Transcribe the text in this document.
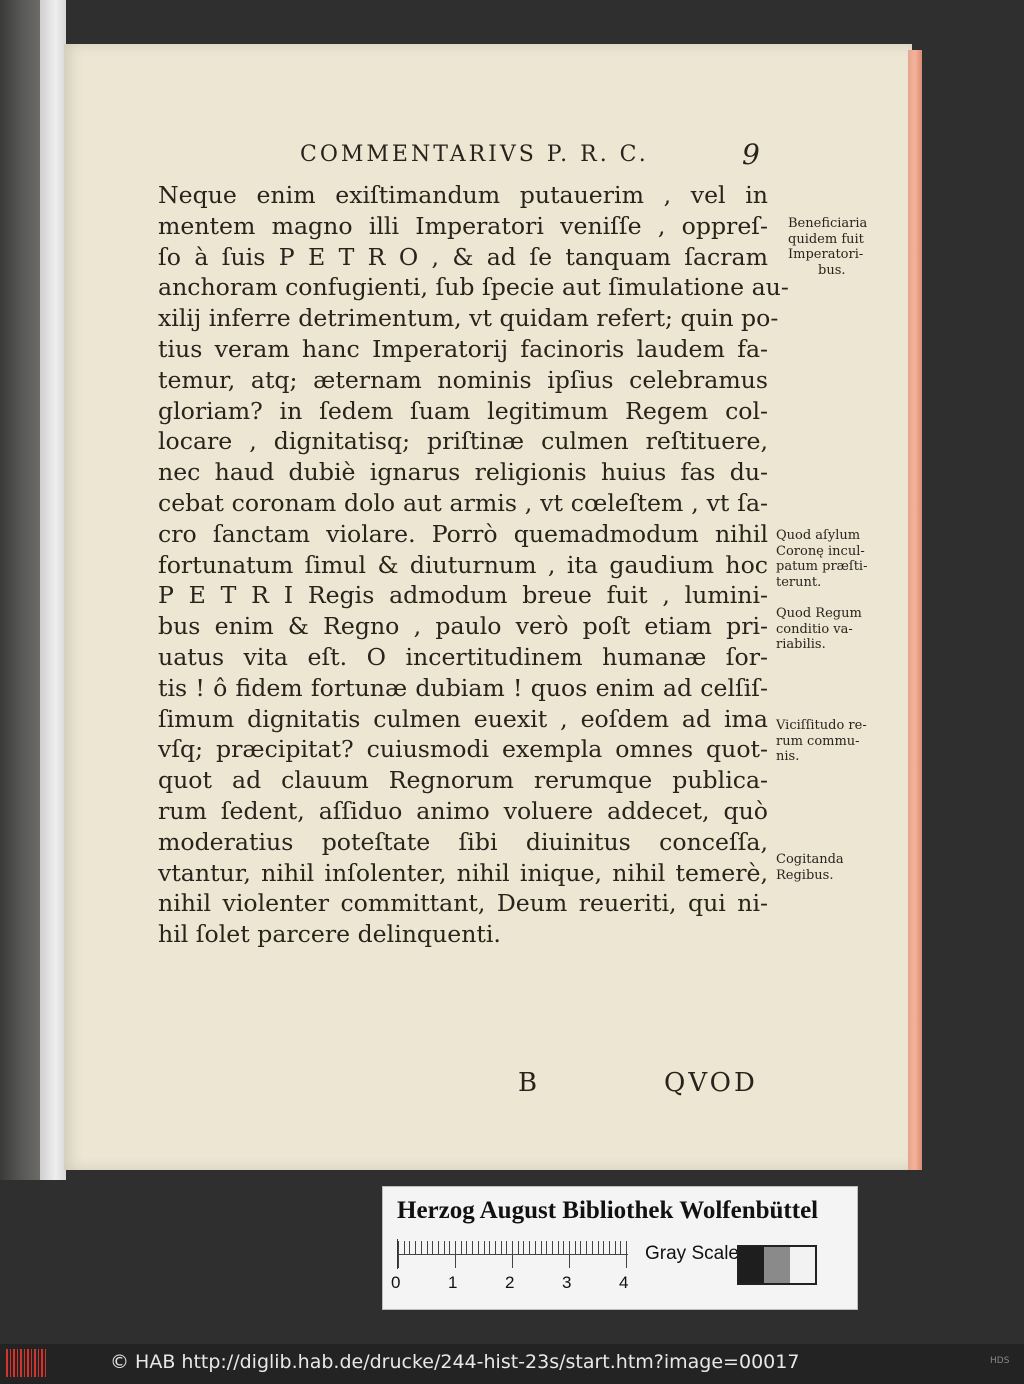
COMMENTARIVS P. R. C.	9
Neque enim exiſtimandum putauerim , vel in
mentem magno illi Imperatori veniſſe , oppreſ-
ſo à ſuis P E T R O , & ad ſe tanquam ſacram
anchoram confugienti, ſub ſpecie aut ſimulatione au-
xilij inferre detrimentum, vt quidam refert; quin po-
tius veram hanc Imperatorij facinoris laudem fa-
temur, atq; æternam nominis ipſius celebramus
gloriam? in ſedem ſuam legitimum Regem col-
locare , dignitatisq; priſtinæ culmen reſtituere,
nec haud dubiè ignarus religionis huius fas du-
cebat coronam dolo aut armis , vt cœleſtem , vt ſa-
cro ſanctam violare. Porrò quemadmodum nihil
fortunatum ſimul & diuturnum , ita gaudium hoc
P E T R I Regis admodum breue fuit , lumini-
bus enim & Regno , paulo verò poſt etiam pri-
uatus vita eſt. O incertitudinem humanæ ſor-
tis ! ô fidem fortunæ dubiam ! quos enim ad celſiſ-
ſimum dignitatis culmen euexit , eoſdem ad ima
vſq; præcipitat? cuiusmodi exempla omnes quot-
quot ad clauum Regnorum rerumque publica-
rum ſedent, aſſiduo animo voluere addecet, quò
moderatius poteſtate ſibi diuinitus conceſſa,
vtantur, nihil inſolenter, nihil inique, nihil temerè,
nihil violenter committant, Deum reueriti, qui ni-
hil ſolet parcere delinquenti.
Beneficiaria
quidem fuit
Imperatori-
bus.
Quod aſylum
Coronę incul-
patum præſti-
terunt.
Quod Regum
conditio va-
riabilis.
Viciſſitudo re-
rum commu-
nis.
Cogitanda
Regibus.
B	QVOD
Herzog August Bibliothek Wolfenbüttel
0	1	2	3	4
Gray Scale
© HAB http://diglib.hab.de/drucke/244-hist-23s/start.htm?image=00017	HDS
